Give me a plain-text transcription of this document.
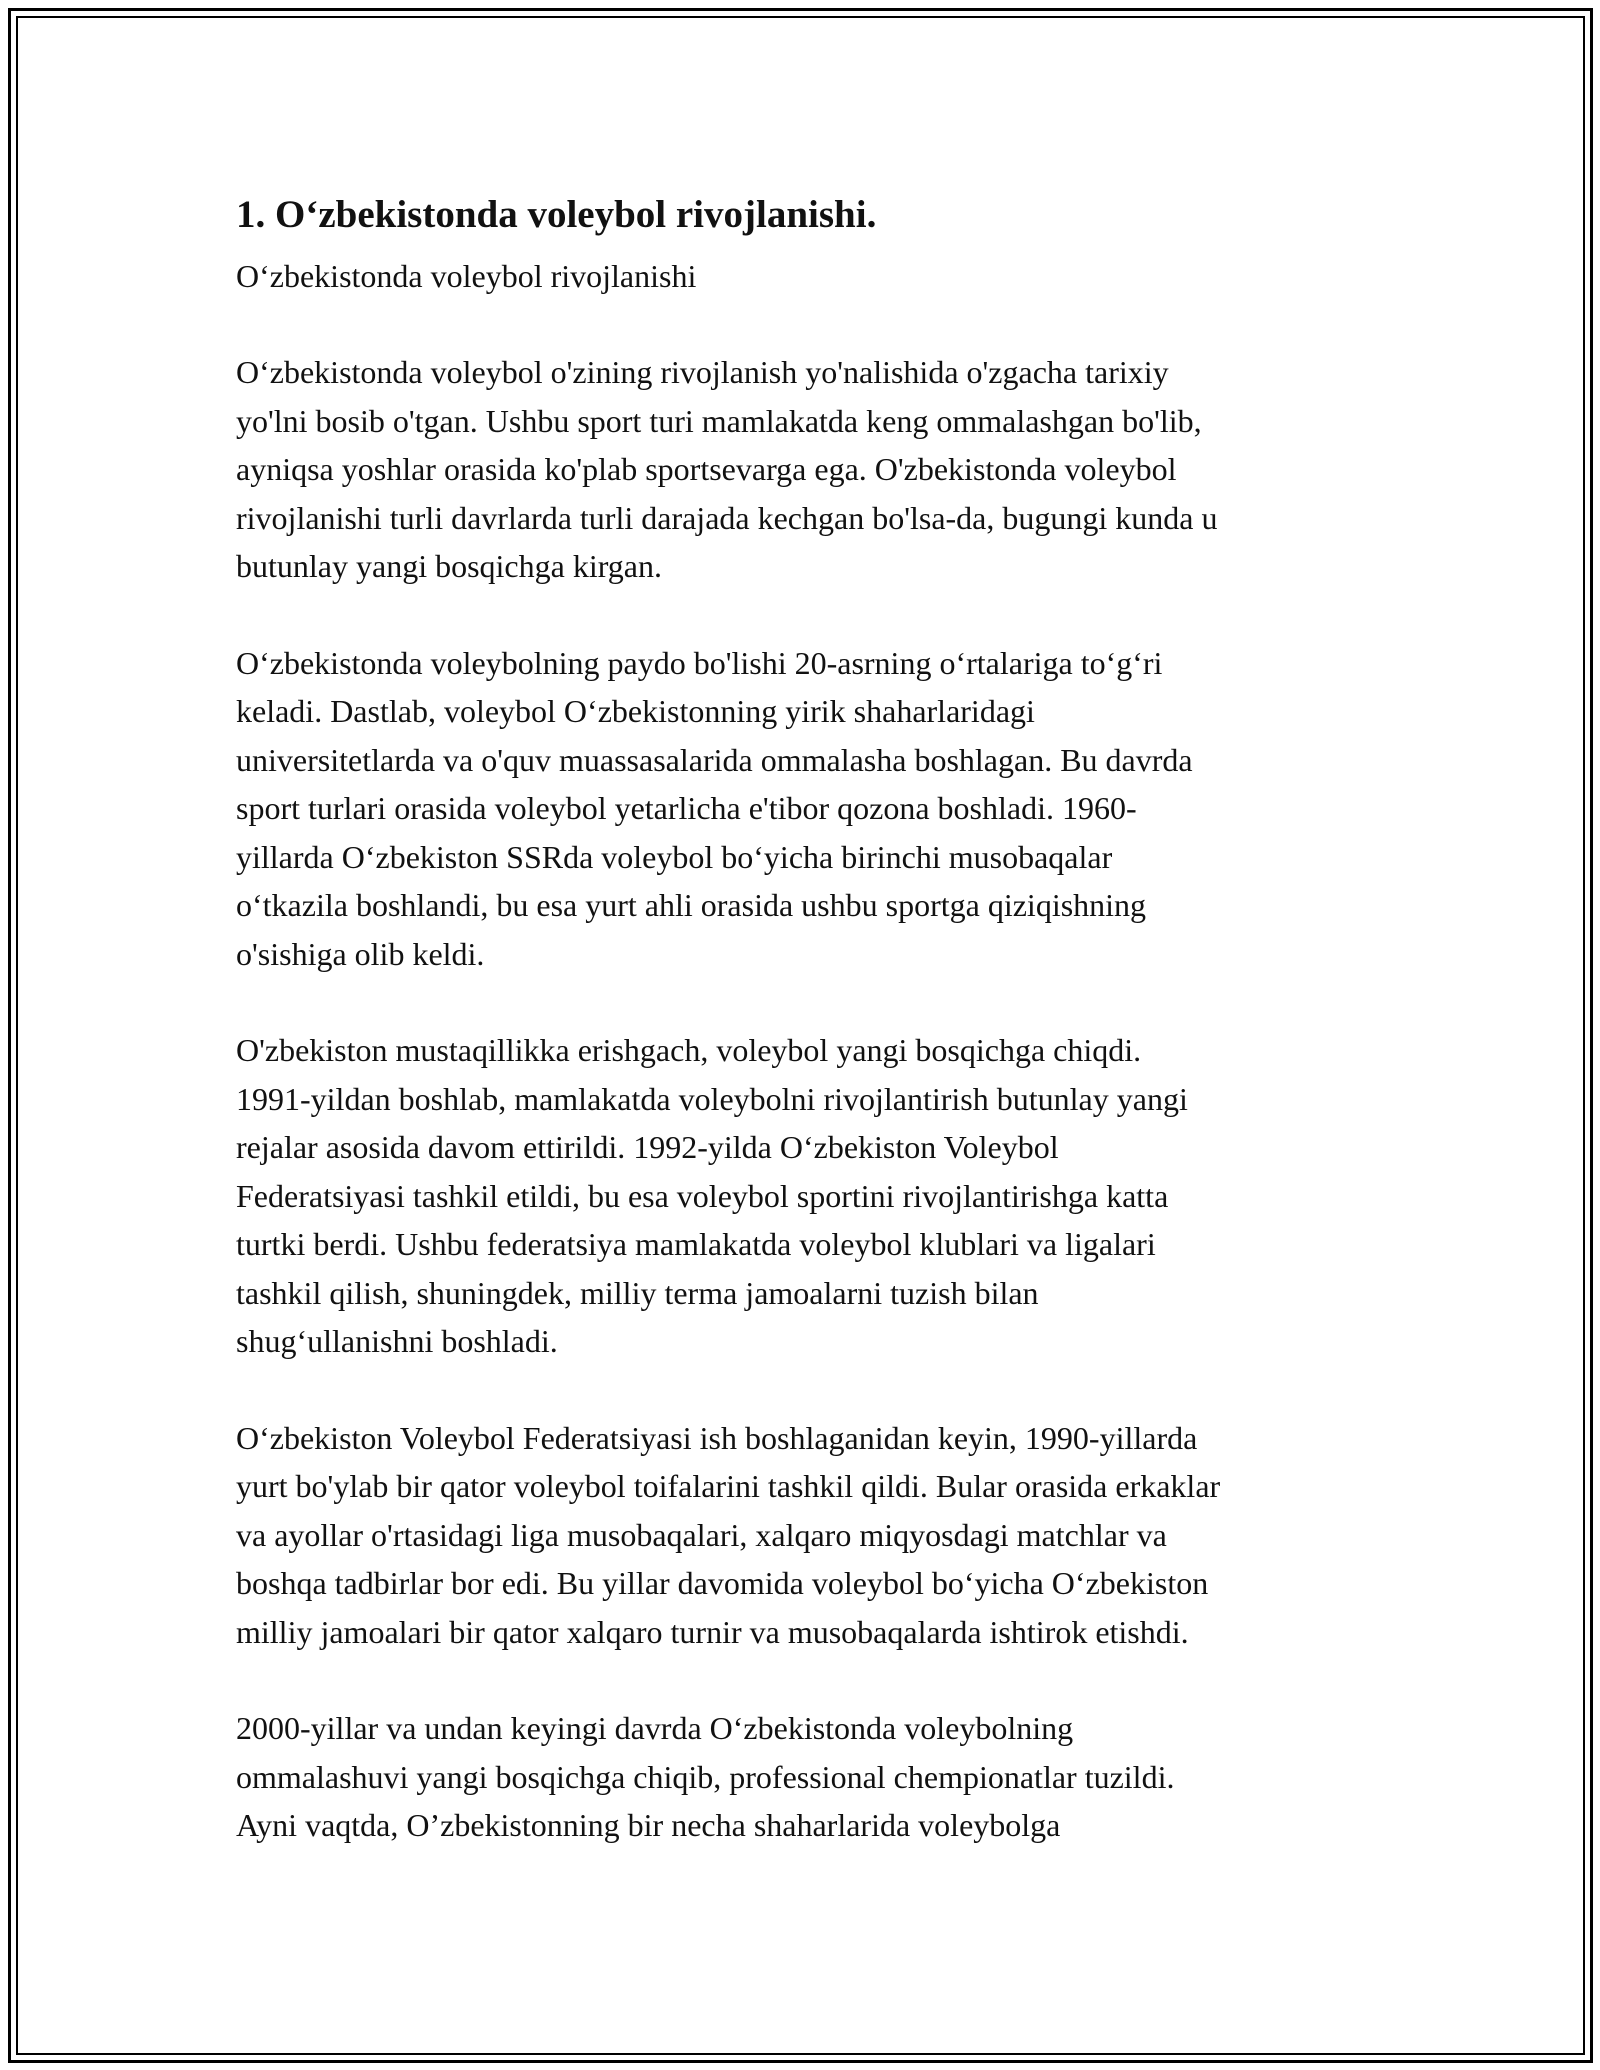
1. O‘zbekistonda voleybol rivojlanishi.
O‘zbekistonda voleybol rivojlanishi
O‘zbekistonda voleybol o'zining rivojlanish yo'nalishida o'zgacha tarixiy
yo'lni bosib o'tgan. Ushbu sport turi mamlakatda keng ommalashgan bo'lib,
ayniqsa yoshlar orasida ko'plab sportsevarga ega. O'zbekistonda voleybol
rivojlanishi turli davrlarda turli darajada kechgan bo'lsa-da, bugungi kunda u
butunlay yangi bosqichga kirgan.
O‘zbekistonda voleybolning paydo bo'lishi 20-asrning o‘rtalariga to‘g‘ri
keladi. Dastlab, voleybol O‘zbekistonning yirik shaharlaridagi
universitetlarda va o'quv muassasalarida ommalasha boshlagan. Bu davrda
sport turlari orasida voleybol yetarlicha e'tibor qozona boshladi. 1960-
yillarda O‘zbekiston SSRda voleybol bo‘yicha birinchi musobaqalar
o‘tkazila boshlandi, bu esa yurt ahli orasida ushbu sportga qiziqishning
o'sishiga olib keldi.
O'zbekiston mustaqillikka erishgach, voleybol yangi bosqichga chiqdi.
1991-yildan boshlab, mamlakatda voleybolni rivojlantirish butunlay yangi
rejalar asosida davom ettirildi. 1992-yilda O‘zbekiston Voleybol
Federatsiyasi tashkil etildi, bu esa voleybol sportini rivojlantirishga katta
turtki berdi. Ushbu federatsiya mamlakatda voleybol klublari va ligalari
tashkil qilish, shuningdek, milliy terma jamoalarni tuzish bilan
shug‘ullanishni boshladi.
O‘zbekiston Voleybol Federatsiyasi ish boshlaganidan keyin, 1990-yillarda
yurt bo'ylab bir qator voleybol toifalarini tashkil qildi. Bular orasida erkaklar
va ayollar o'rtasidagi liga musobaqalari, xalqaro miqyosdagi matchlar va
boshqa tadbirlar bor edi. Bu yillar davomida voleybol bo‘yicha O‘zbekiston
milliy jamoalari bir qator xalqaro turnir va musobaqalarda ishtirok etishdi.
2000-yillar va undan keyingi davrda O‘zbekistonda voleybolning
ommalashuvi yangi bosqichga chiqib, professional chempionatlar tuzildi.
Ayni vaqtda, O’zbekistonning bir necha shaharlarida voleybolga
